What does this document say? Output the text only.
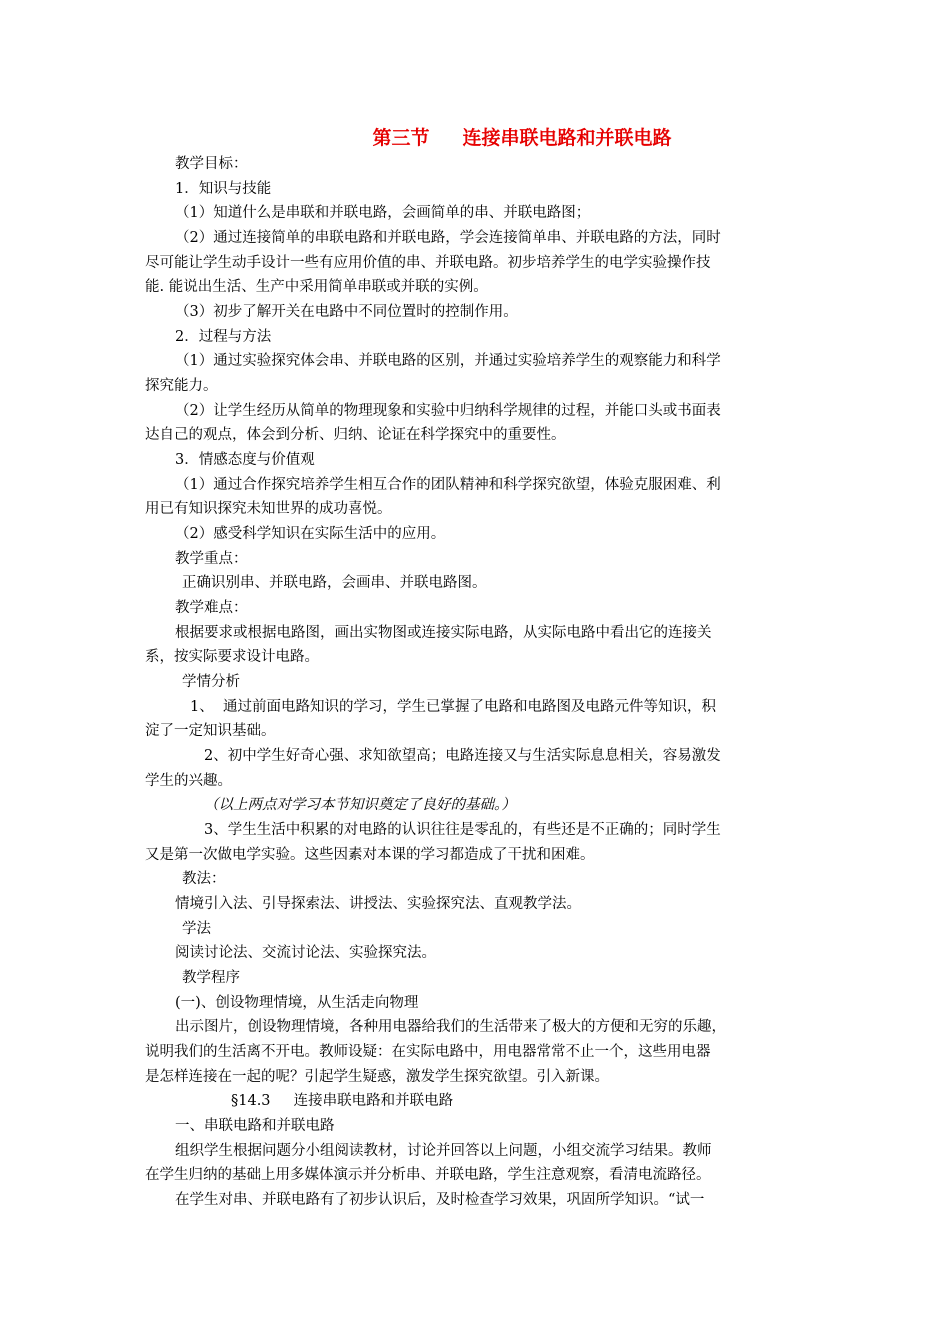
第三节     连接串联电路和并联电路
教学目标：
1．知识与技能
（1）知道什么是串联和并联电路，会画简单的串、并联电路图；
（2）通过连接简单的串联电路和并联电路，学会连接简单串、并联电路的方法，同时
尽可能让学生动手设计一些有应用价值的串、并联电路。初步培养学生的电学实验操作技
能. 能说出生活、生产中采用简单串联或并联的实例。
（3）初步了解开关在电路中不同位置时的控制作用。
2．过程与方法
（1）通过实验探究体会串、并联电路的区别，并通过实验培养学生的观察能力和科学
探究能力。
（2）让学生经历从简单的物理现象和实验中归纳科学规律的过程，并能口头或书面表
达自己的观点，体会到分析、归纳、论证在科学探究中的重要性。
3．情感态度与价值观
（1）通过合作探究培养学生相互合作的团队精神和科学探究欲望，体验克服困难、利
用已有知识探究未知世界的成功喜悦。
（2）感受科学知识在实际生活中的应用。
教学重点：
正确识别串、并联电路，会画串、并联电路图。
教学难点：
根据要求或根据电路图，画出实物图或连接实际电路，从实际电路中看出它的连接关
系，按实际要求设计电路。
学情分析
1、  通过前面电路知识的学习，学生已掌握了电路和电路图及电路元件等知识，积
淀了一定知识基础。
2、初中学生好奇心强、求知欲望高；电路连接又与生活实际息息相关，容易激发
学生的兴趣。
（以上两点对学习本节知识奠定了良好的基础。）
3、学生生活中积累的对电路的认识往往是零乱的，有些还是不正确的；同时学生
又是第一次做电学实验。这些因素对本课的学习都造成了干扰和困难。
教法：
情境引入法、引导探索法、讲授法、实验探究法、直观教学法。
学法
阅读讨论法、交流讨论法、实验探究法。
教学程序
(一)、创设物理情境，从生活走向物理
出示图片，创设物理情境，各种用电器给我们的生活带来了极大的方便和无穷的乐趣，
说明我们的生活离不开电。教师设疑：在实际电路中，用电器常常不止一个，这些用电器
是怎样连接在一起的呢？引起学生疑惑，激发学生探究欲望。引入新课。
§14.3     连接串联电路和并联电路
一、串联电路和并联电路
组织学生根据问题分小组阅读教材，讨论并回答以上问题，小组交流学习结果。教师
在学生归纳的基础上用多媒体演示并分析串、并联电路，学生注意观察，看清电流路径。
在学生对串、并联电路有了初步认识后，及时检查学习效果，巩固所学知识。“试一
